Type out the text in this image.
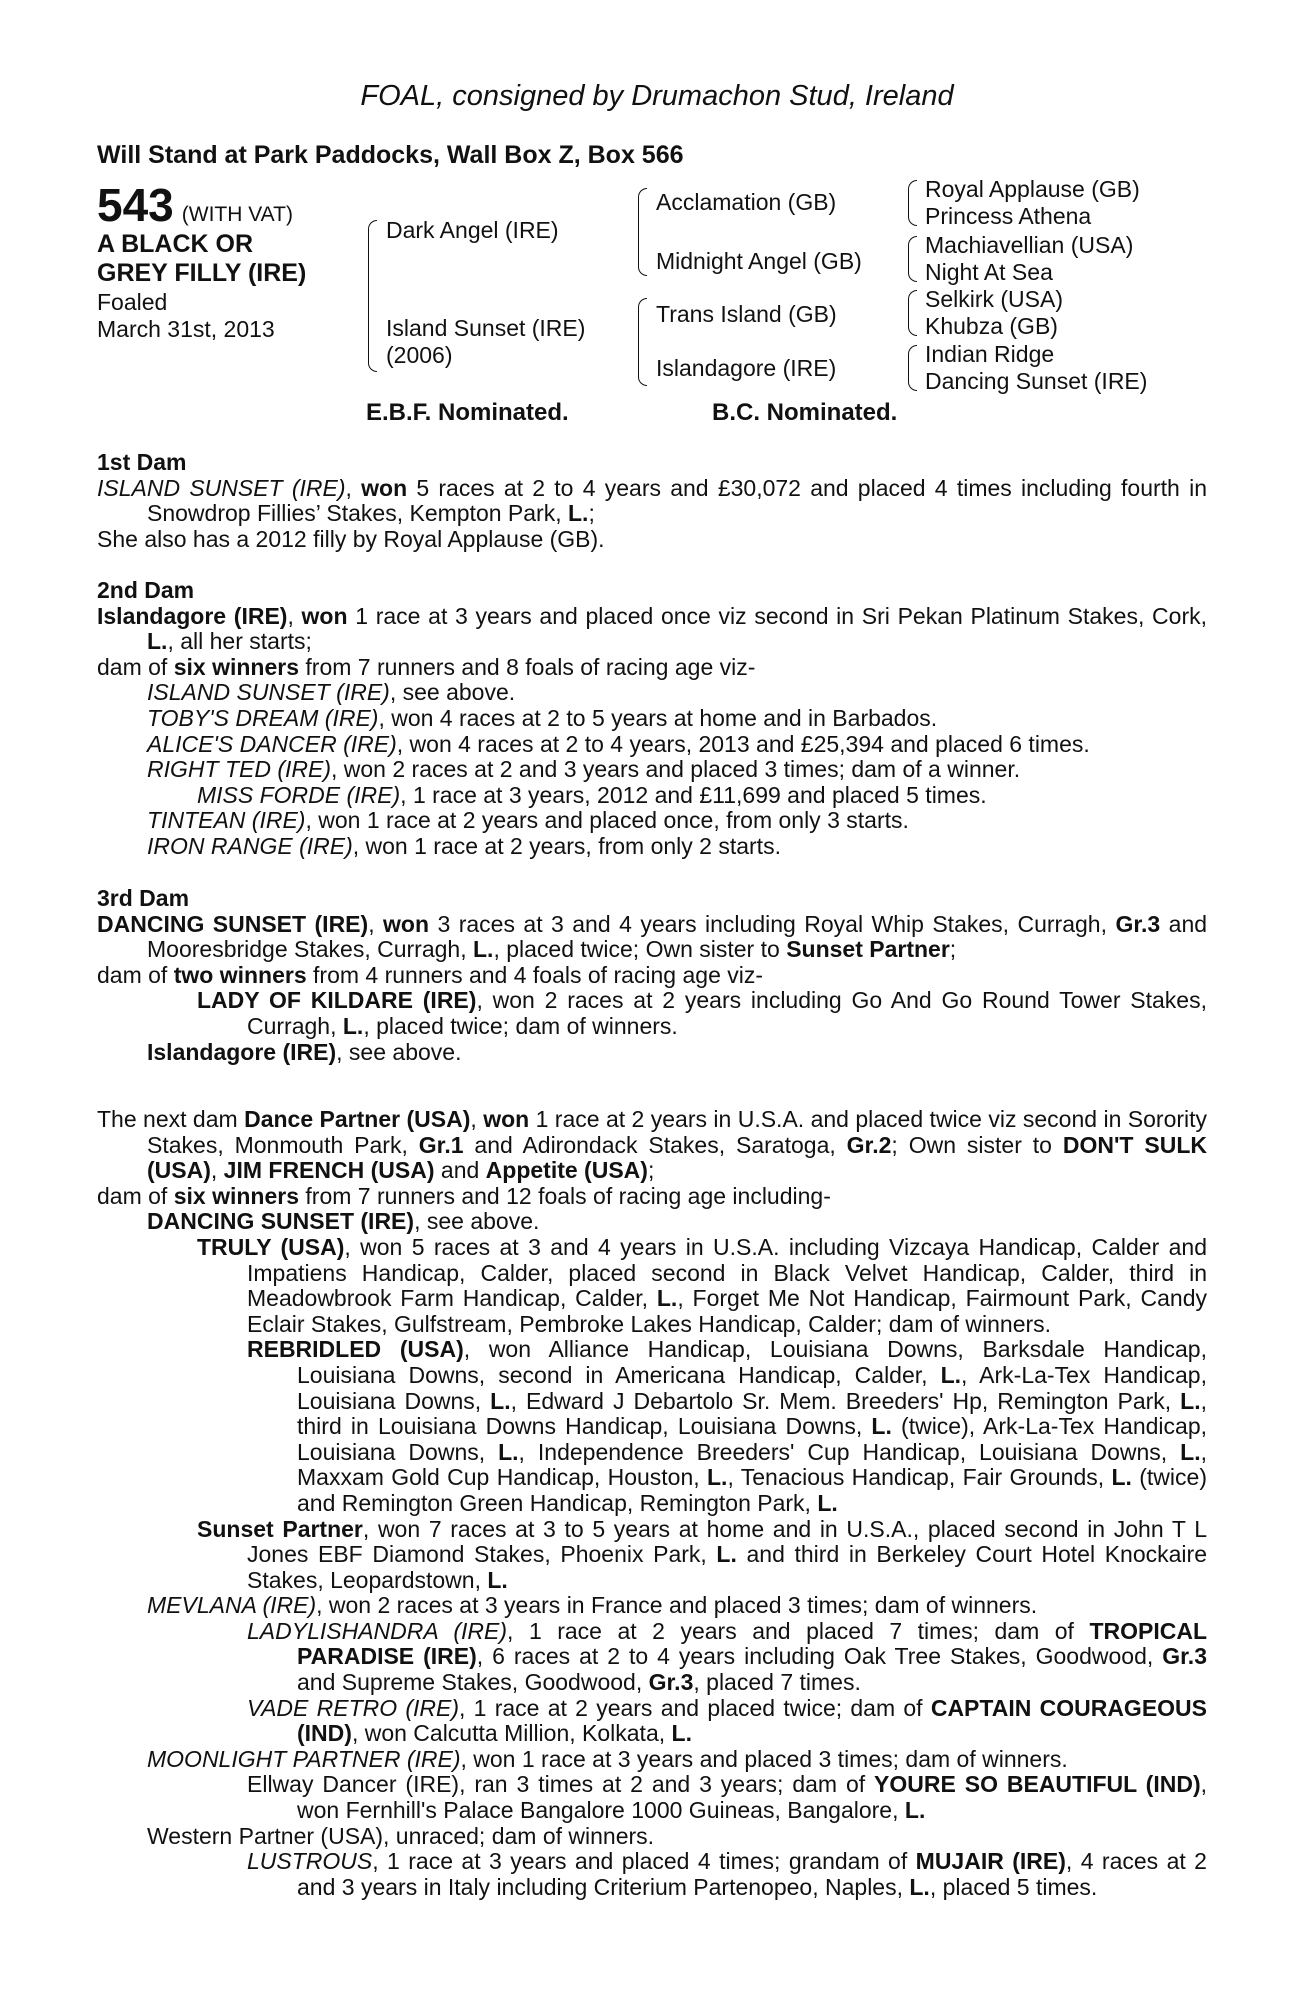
FOAL, consigned by Drumachon Stud, Ireland
Will Stand at Park Paddocks, Wall Box Z, Box 566
543 (WITH VAT)
A BLACK OR
GREY FILLY (IRE)
Foaled
March 31st, 2013
Dark Angel (IRE)
Island Sunset (IRE)
(2006)
Acclamation (GB)
Midnight Angel (GB)
Trans Island (GB)
Islandagore (IRE)
Royal Applause (GB)
Princess Athena
Machiavellian (USA)
Night At Sea
Selkirk (USA)
Khubza (GB)
Indian Ridge
Dancing Sunset (IRE)
E.B.F. Nominated.	B.C. Nominated.

1st Dam

ISLAND SUNSET (IRE), won 5 races at 2 to 4 years and £30,072 and placed 4 times including fourth in Snowdrop Fillies’ Stakes, Kempton Park, L.;

She also has a 2012 filly by Royal Applause (GB).

2nd Dam

Islandagore (IRE), won 1 race at 3 years and placed once viz second in Sri Pekan Platinum Stakes, Cork, L., all her starts;

dam of six winners from 7 runners and 8 foals of racing age viz-

ISLAND SUNSET (IRE), see above.

TOBY'S DREAM (IRE), won 4 races at 2 to 5 years at home and in Barbados.

ALICE'S DANCER (IRE), won 4 races at 2 to 4 years, 2013 and £25,394 and placed 6 times.

RIGHT TED (IRE), won 2 races at 2 and 3 years and placed 3 times; dam of a winner.

MISS FORDE (IRE), 1 race at 3 years, 2012 and £11,699 and placed 5 times.

TINTEAN (IRE), won 1 race at 2 years and placed once, from only 3 starts.

IRON RANGE (IRE), won 1 race at 2 years, from only 2 starts.

3rd Dam

DANCING SUNSET (IRE), won 3 races at 3 and 4 years including Royal Whip Stakes, Curragh, Gr.3 and Mooresbridge Stakes, Curragh, L., placed twice; Own sister to Sunset Partner;

dam of two winners from 4 runners and 4 foals of racing age viz-

LADY OF KILDARE (IRE), won 2 races at 2 years including Go And Go Round Tower Stakes, Curragh, L., placed twice; dam of winners.

Islandagore (IRE), see above.

The next dam Dance Partner (USA), won 1 race at 2 years in U.S.A. and placed twice viz second in Sorority Stakes, Monmouth Park, Gr.1 and Adirondack Stakes, Saratoga, Gr.2; Own sister to DON'T SULK (USA), JIM FRENCH (USA) and Appetite (USA);

dam of six winners from 7 runners and 12 foals of racing age including-

DANCING SUNSET (IRE), see above.

TRULY (USA), won 5 races at 3 and 4 years in U.S.A. including Vizcaya Handicap, Calder and Impatiens Handicap, Calder, placed second in Black Velvet Handicap, Calder, third in Meadowbrook Farm Handicap, Calder, L., Forget Me Not Handicap, Fairmount Park, Candy Eclair Stakes, Gulfstream, Pembroke Lakes Handicap, Calder; dam of winners.

REBRIDLED (USA), won Alliance Handicap, Louisiana Downs, Barksdale Handicap, Louisiana Downs, second in Americana Handicap, Calder, L., Ark-La-Tex Handicap, Louisiana Downs, L., Edward J Debartolo Sr. Mem. Breeders' Hp, Remington Park, L., third in Louisiana Downs Handicap, Louisiana Downs, L. (twice), Ark-La-Tex Handicap, Louisiana Downs, L., Independence Breeders' Cup Handicap, Louisiana Downs, L., Maxxam Gold Cup Handicap, Houston, L., Tenacious Handicap, Fair Grounds, L. (twice) and Remington Green Handicap, Remington Park, L.

Sunset Partner, won 7 races at 3 to 5 years at home and in U.S.A., placed second in John T L Jones EBF Diamond Stakes, Phoenix Park, L. and third in Berkeley Court Hotel Knockaire Stakes, Leopardstown, L.

MEVLANA (IRE), won 2 races at 3 years in France and placed 3 times; dam of winners.

LADYLISHANDRA (IRE), 1 race at 2 years and placed 7 times; dam of TROPICAL PARADISE (IRE), 6 races at 2 to 4 years including Oak Tree Stakes, Goodwood, Gr.3 and Supreme Stakes, Goodwood, Gr.3, placed 7 times.

VADE RETRO (IRE), 1 race at 2 years and placed twice; dam of CAPTAIN COURAGEOUS (IND), won Calcutta Million, Kolkata, L.

MOONLIGHT PARTNER (IRE), won 1 race at 3 years and placed 3 times; dam of winners.

Ellway Dancer (IRE), ran 3 times at 2 and 3 years; dam of YOURE SO BEAUTIFUL (IND), won Fernhill's Palace Bangalore 1000 Guineas, Bangalore, L.

Western Partner (USA), unraced; dam of winners.

LUSTROUS, 1 race at 3 years and placed 4 times; grandam of MUJAIR (IRE), 4 races at 2 and 3 years in Italy including Criterium Partenopeo, Naples, L., placed 5 times.
